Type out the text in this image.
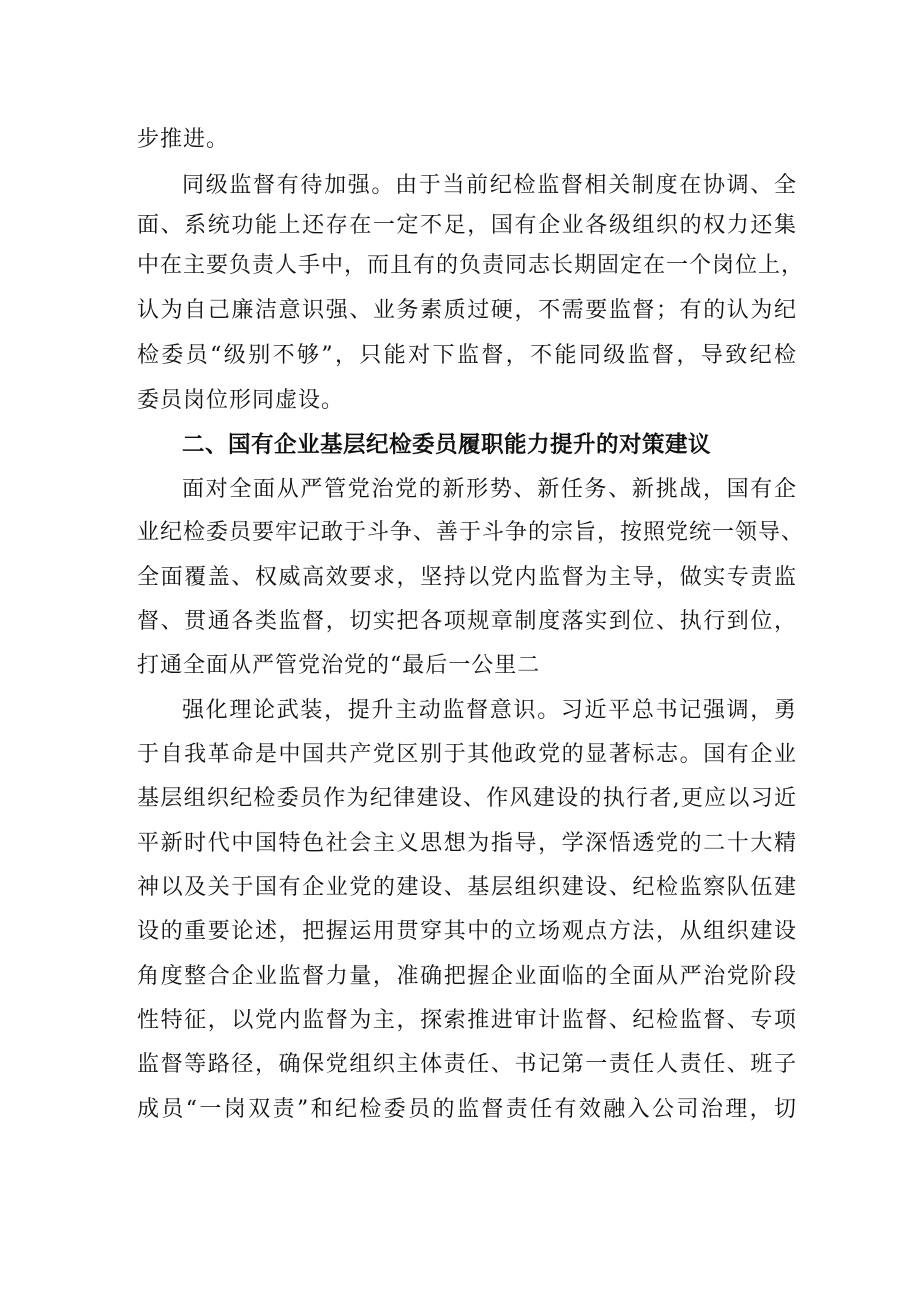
步推进。
同级监督有待加强。由于当前纪检监督相关制度在协调、全
面、系统功能上还存在一定不足，国有企业各级组织的权力还集
中在主要负责人手中，而且有的负责同志长期固定在一个岗位上，
认为自己廉洁意识强、业务素质过硬，不需要监督；有的认为纪
检委员“级别不够”，只能对下监督，不能同级监督，导致纪检
委员岗位形同虚设。
二、国有企业基层纪检委员履职能力提升的对策建议
面对全面从严管党治党的新形势、新任务、新挑战，国有企
业纪检委员要牢记敢于斗争、善于斗争的宗旨，按照党统一领导、
全面覆盖、权威高效要求，坚持以党内监督为主导，做实专责监
督、贯通各类监督，切实把各项规章制度落实到位、执行到位，
打通全面从严管党治党的“最后一公里二
强化理论武装，提升主动监督意识。习近平总书记强调，勇
于自我革命是中国共产党区别于其他政党的显著标志。国有企业
基层组织纪检委员作为纪律建设、作风建设的执行者,更应以习近
平新时代中国特色社会主义思想为指导，学深悟透党的二十大精
神以及关于国有企业党的建设、基层组织建设、纪检监察队伍建
设的重要论述，把握运用贯穿其中的立场观点方法，从组织建设
角度整合企业监督力量，准确把握企业面临的全面从严治党阶段
性特征，以党内监督为主，探索推进审计监督、纪检监督、专项
监督等路径，确保党组织主体责任、书记第一责任人责任、班子
成员“一岗双责”和纪检委员的监督责任有效融入公司治理，切
